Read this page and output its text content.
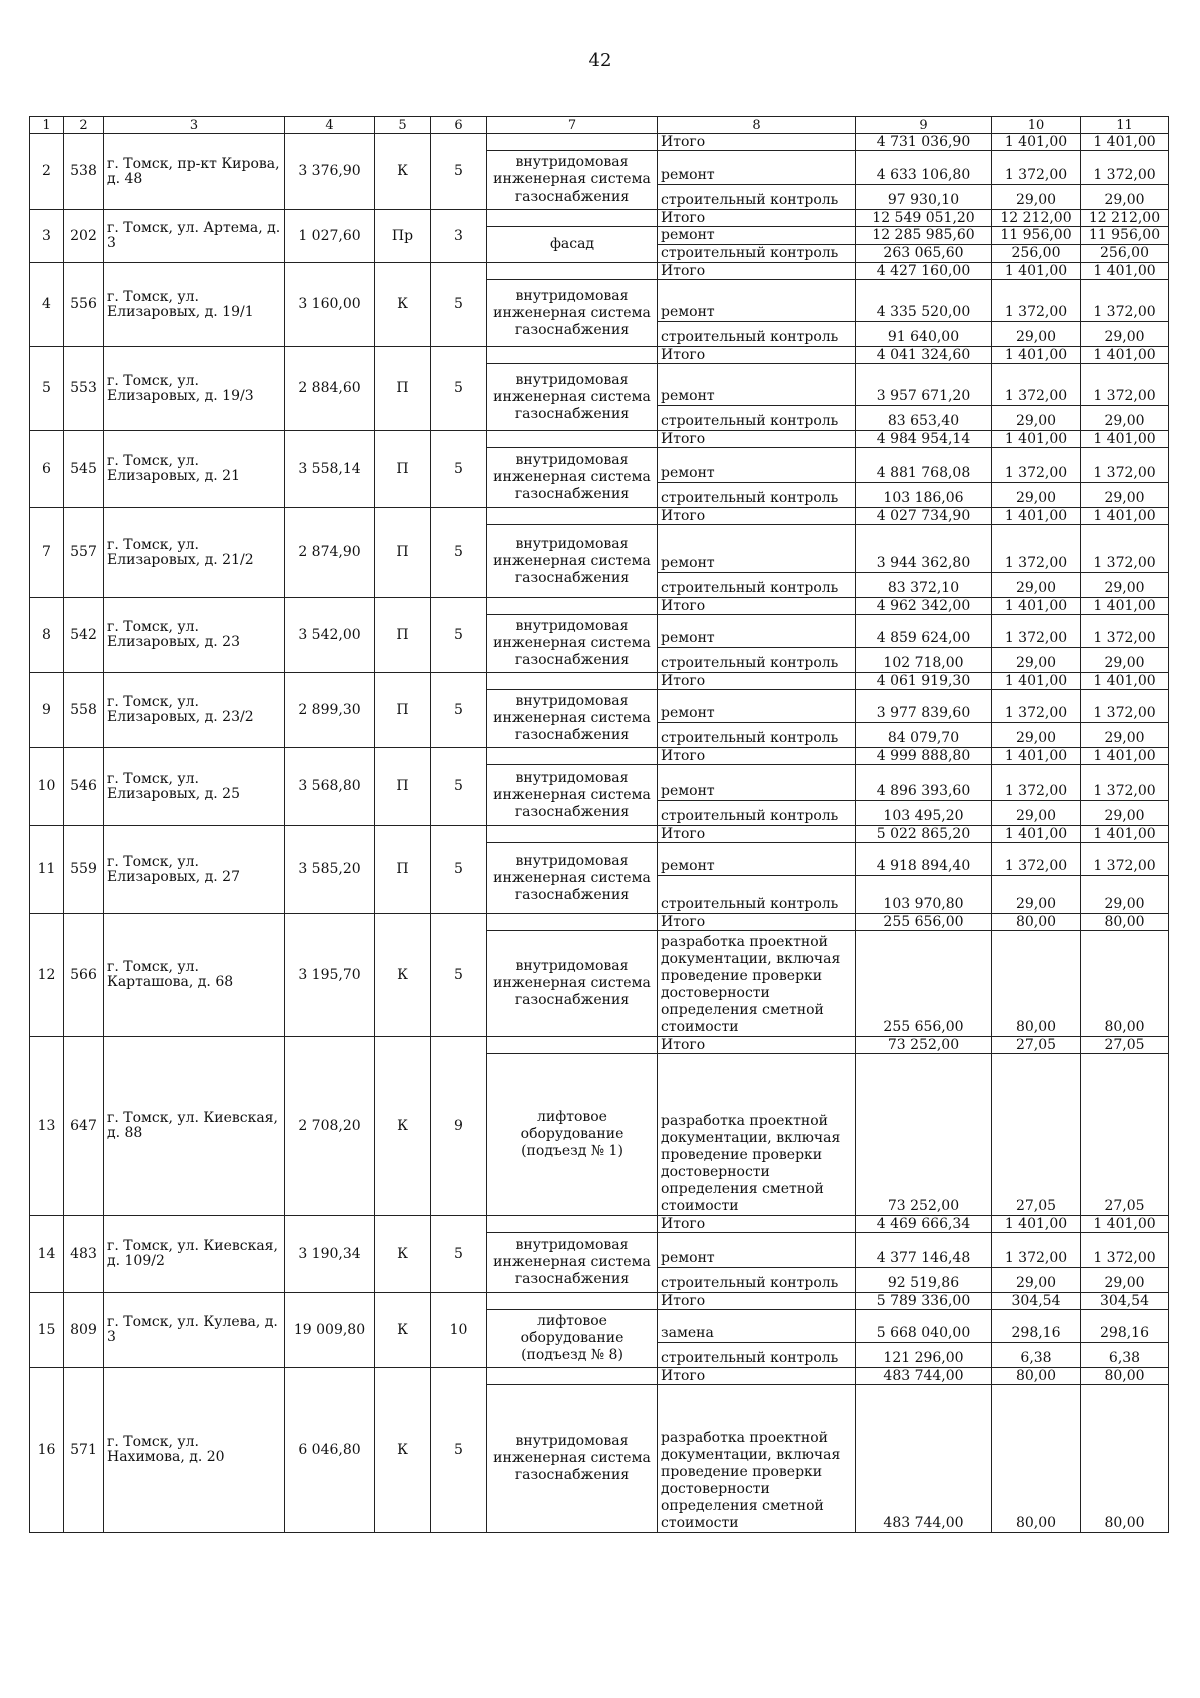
42
1	2	3	4	5	6	7	8	9	10	11
2	538	г. Томск, пр-кт Кирова, д. 48	3 376,90	К	5		Итого	4 731 036,90	1 401,00	1 401,00
						внутридомовая инженерная система газоснабжения	ремонт	4 633 106,80	1 372,00	1 372,00
							строительный контроль	97 930,10	29,00	29,00
3	202	г. Томск, ул. Артема, д. 3	1 027,60	Пр	3		Итого	12 549 051,20	12 212,00	12 212,00
						фасад	ремонт	12 285 985,60	11 956,00	11 956,00
							строительный контроль	263 065,60	256,00	256,00
4	556	г. Томск, ул. Елизаровых, д. 19/1	3 160,00	К	5		Итого	4 427 160,00	1 401,00	1 401,00
						внутридомовая инженерная система газоснабжения	ремонт	4 335 520,00	1 372,00	1 372,00
							строительный контроль	91 640,00	29,00	29,00
5	553	г. Томск, ул. Елизаровых, д. 19/3	2 884,60	П	5		Итого	4 041 324,60	1 401,00	1 401,00
						внутридомовая инженерная система газоснабжения	ремонт	3 957 671,20	1 372,00	1 372,00
							строительный контроль	83 653,40	29,00	29,00
6	545	г. Томск, ул. Елизаровых, д. 21	3 558,14	П	5		Итого	4 984 954,14	1 401,00	1 401,00
						внутридомовая инженерная система газоснабжения	ремонт	4 881 768,08	1 372,00	1 372,00
							строительный контроль	103 186,06	29,00	29,00
7	557	г. Томск, ул. Елизаровых, д. 21/2	2 874,90	П	5		Итого	4 027 734,90	1 401,00	1 401,00
						внутридомовая инженерная система газоснабжения	ремонт	3 944 362,80	1 372,00	1 372,00
							строительный контроль	83 372,10	29,00	29,00
8	542	г. Томск, ул. Елизаровых, д. 23	3 542,00	П	5		Итого	4 962 342,00	1 401,00	1 401,00
						внутридомовая инженерная система газоснабжения	ремонт	4 859 624,00	1 372,00	1 372,00
							строительный контроль	102 718,00	29,00	29,00
9	558	г. Томск, ул. Елизаровых, д. 23/2	2 899,30	П	5		Итого	4 061 919,30	1 401,00	1 401,00
						внутридомовая инженерная система газоснабжения	ремонт	3 977 839,60	1 372,00	1 372,00
							строительный контроль	84 079,70	29,00	29,00
10	546	г. Томск, ул. Елизаровых, д. 25	3 568,80	П	5		Итого	4 999 888,80	1 401,00	1 401,00
						внутридомовая инженерная система газоснабжения	ремонт	4 896 393,60	1 372,00	1 372,00
							строительный контроль	103 495,20	29,00	29,00
11	559	г. Томск, ул. Елизаровых, д. 27	3 585,20	П	5		Итого	5 022 865,20	1 401,00	1 401,00
						внутридомовая инженерная система газоснабжения	ремонт	4 918 894,40	1 372,00	1 372,00
							строительный контроль	103 970,80	29,00	29,00
12	566	г. Томск, ул. Карташова, д. 68	3 195,70	К	5		Итого	255 656,00	80,00	80,00
						внутридомовая инженерная система газоснабжения	разработка проектной документации, включая проведение проверки достоверности определения сметной стоимости	255 656,00	80,00	80,00
13	647	г. Томск, ул. Киевская, д. 88	2 708,20	К	9		Итого	73 252,00	27,05	27,05
						лифтовое оборудование (подъезд № 1)	разработка проектной документации, включая проведение проверки достоверности определения сметной стоимости	73 252,00	27,05	27,05
14	483	г. Томск, ул. Киевская, д. 109/2	3 190,34	К	5		Итого	4 469 666,34	1 401,00	1 401,00
						внутридомовая инженерная система газоснабжения	ремонт	4 377 146,48	1 372,00	1 372,00
							строительный контроль	92 519,86	29,00	29,00
15	809	г. Томск, ул. Кулева, д. 3	19 009,80	К	10		Итого	5 789 336,00	304,54	304,54
						лифтовое оборудование (подъезд № 8)	замена	5 668 040,00	298,16	298,16
							строительный контроль	121 296,00	6,38	6,38
16	571	г. Томск, ул. Нахимова, д. 20	6 046,80	К	5		Итого	483 744,00	80,00	80,00
						внутридомовая инженерная система газоснабжения	разработка проектной документации, включая проведение проверки достоверности определения сметной стоимости	483 744,00	80,00	80,00
